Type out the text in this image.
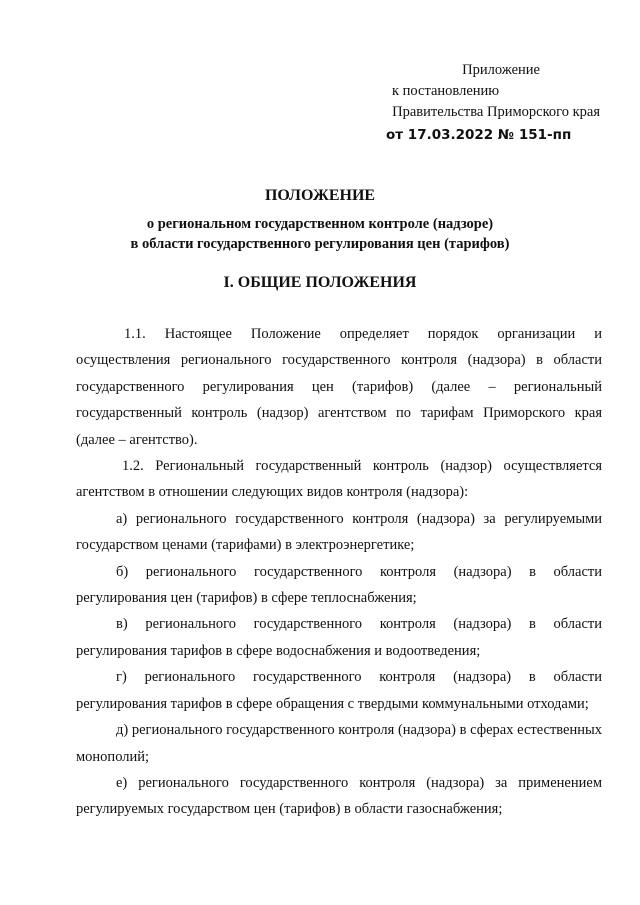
Приложение
к постановлению
Правительства Приморского края
от 17.03.2022 № 151-пп
ПОЛОЖЕНИЕ
о региональном государственном контроле (надзоре)
в области государственного регулирования цен (тарифов)
I. ОБЩИЕ ПОЛОЖЕНИЯ

1.1. Настоящее Положение определяет порядок организации и осуществления регионального государственного контроля (надзора) в области государственного регулирования цен (тарифов) (далее – региональный государственный контроль (надзор) агентством по тарифам Приморского края (далее – агентство).

1.2. Региональный государственный контроль (надзор) осуществляется агентством в отношении следующих видов контроля (надзора):

а) регионального государственного контроля (надзора) за регулируемыми государством ценами (тарифами) в электроэнергетике;

б) регионального государственного контроля (надзора) в области регулирования цен (тарифов) в сфере теплоснабжения;

в) регионального государственного контроля (надзора) в области регулирования тарифов в сфере водоснабжения и водоотведения;

г) регионального государственного контроля (надзора) в области регулирования тарифов в сфере обращения с твердыми коммунальными отходами;

д) регионального государственного контроля (надзора) в сферах естественных монополий;

е) регионального государственного контроля (надзора) за применением регулируемых государством цен (тарифов) в области газоснабжения;
